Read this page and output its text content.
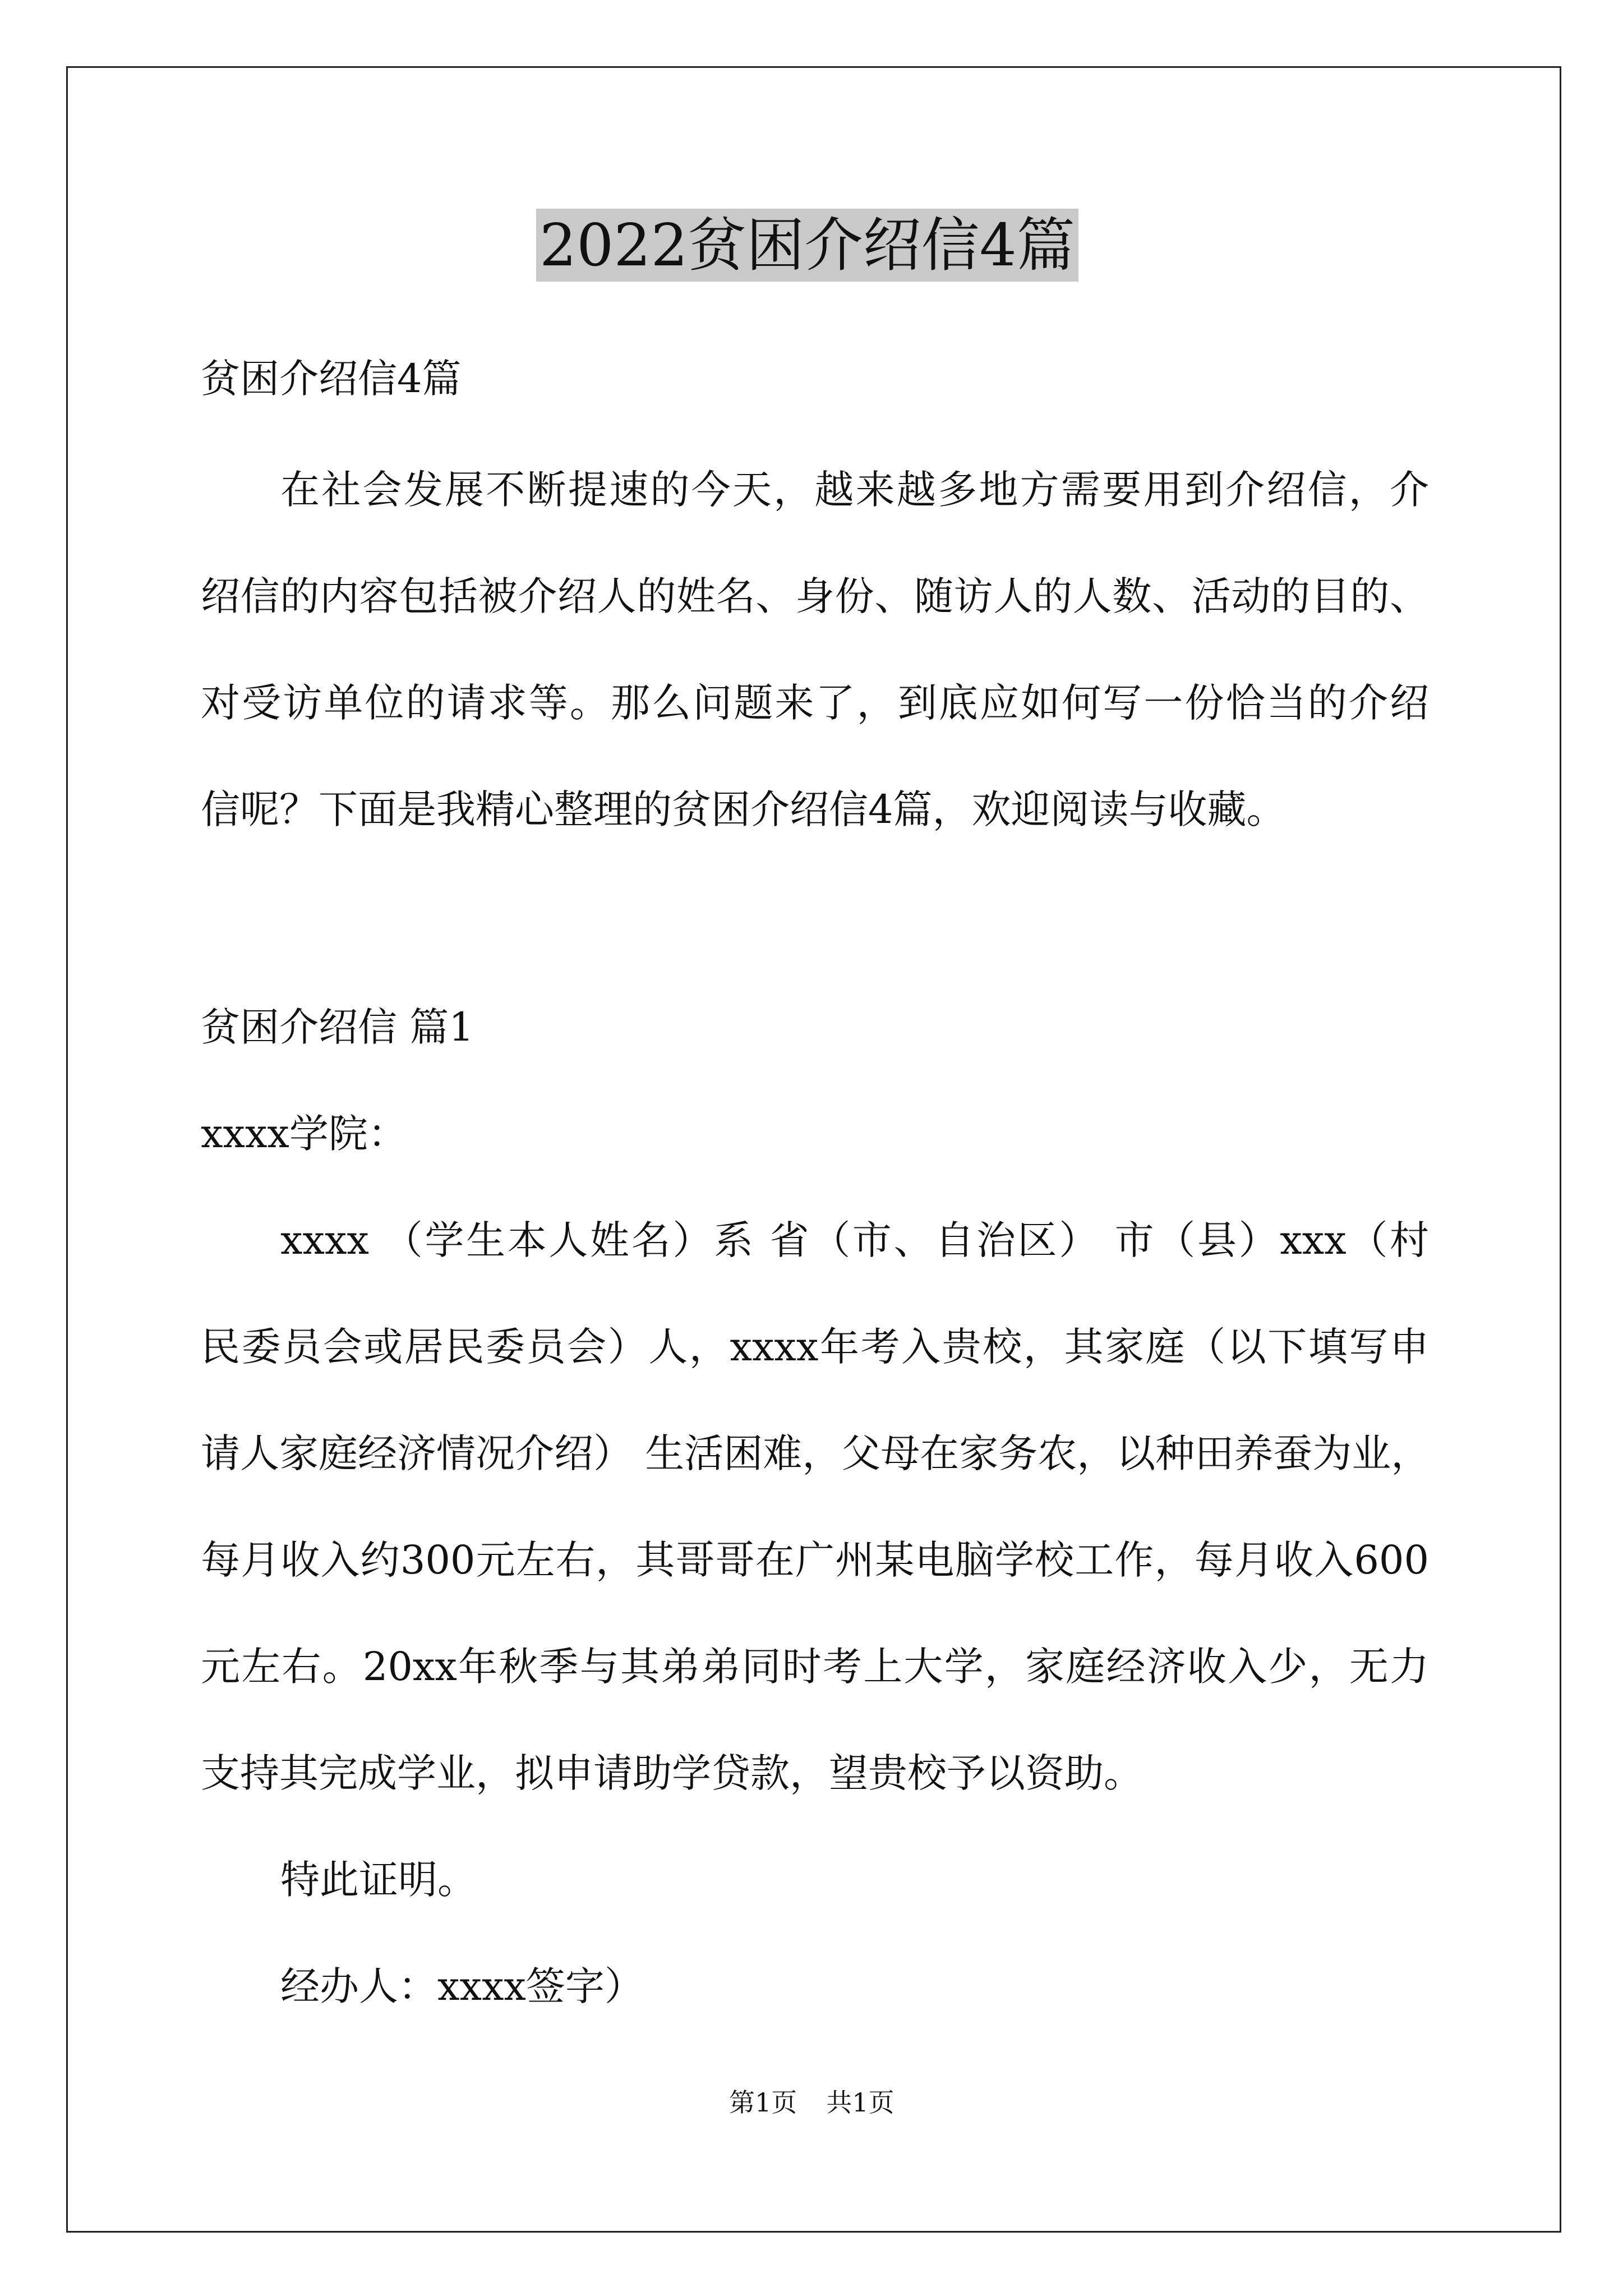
2022贫困介绍信4篇
贫困介绍信4篇
在社会发展不断提速的今天，越来越多地方需要用到介绍信，介
绍信的内容包括被介绍人的姓名、身份、随访人的人数、活动的目的、
对受访单位的请求等。那么问题来了，到底应如何写一份恰当的介绍
信呢？下面是我精心整理的贫困介绍信4篇，欢迎阅读与收藏。
贫困介绍信 篇1
xxxx学院：
xxxx （学生本人姓名）系 省（市、自治区） 市（县）xxx（村
民委员会或居民委员会）人，xxxx年考入贵校，其家庭（以下填写申
请人家庭经济情况介绍） 生活困难，父母在家务农，以种田养蚕为业，
每月收入约300元左右，其哥哥在广州某电脑学校工作，每月收入600
元左右。20xx年秋季与其弟弟同时考上大学，家庭经济收入少，无力
支持其完成学业，拟申请助学贷款，望贵校予以资助。
特此证明。
经办人：xxxx签字）
第1页 共1页
